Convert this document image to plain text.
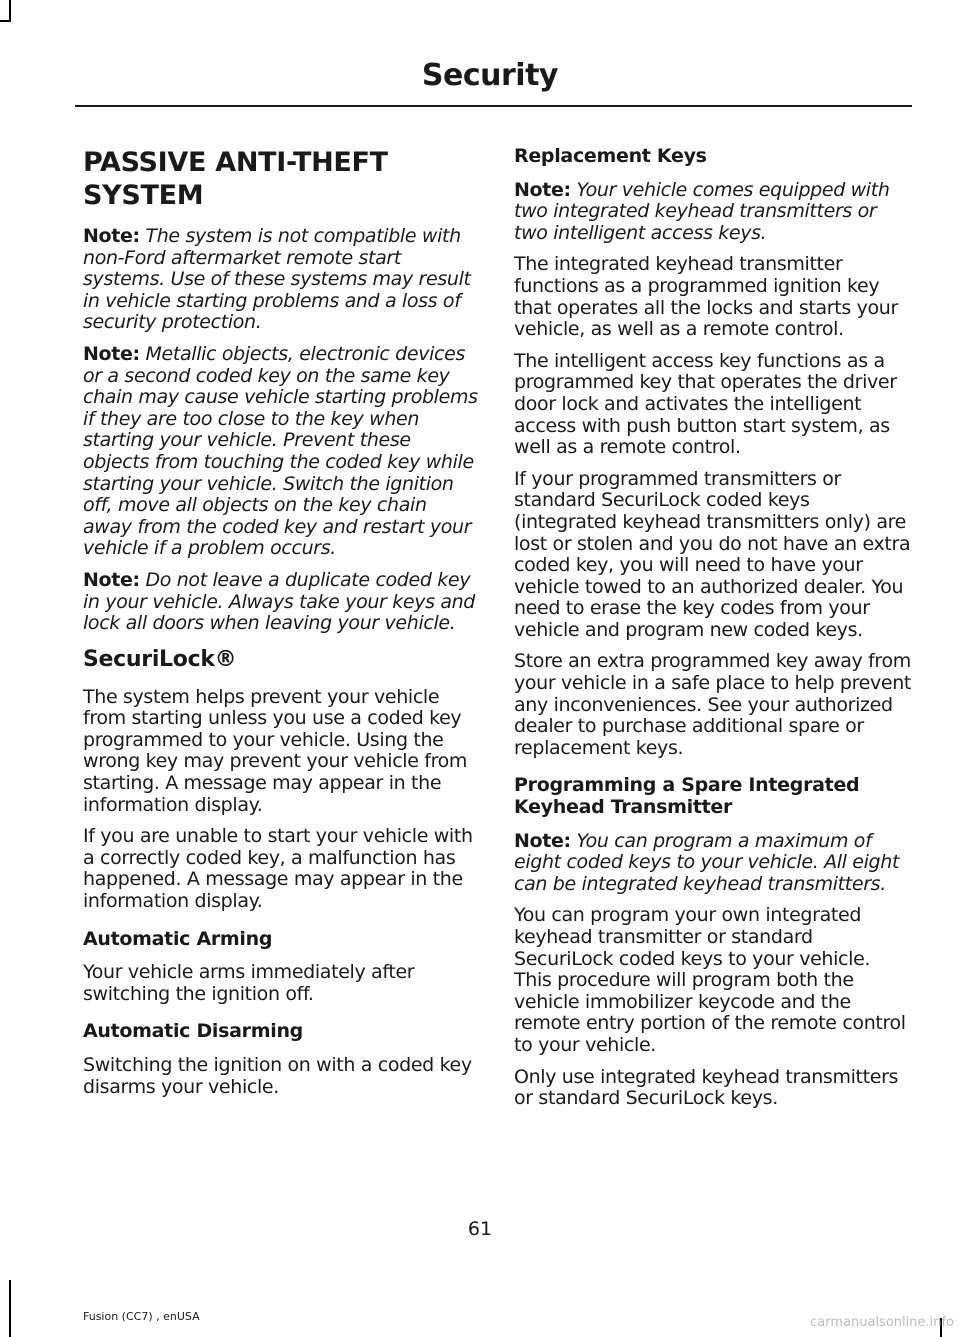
Security
PASSIVE ANTI-THEFT SYSTEM

Note: The system is not compatible with non-Ford aftermarket remote start systems. Use of these systems may result in vehicle starting problems and a loss of security protection.

Note: Metallic objects, electronic devices or a second coded key on the same key chain may cause vehicle starting problems if they are too close to the key when starting your vehicle. Prevent these objects from touching the coded key while starting your vehicle. Switch the ignition off, move all objects on the key chain away from the coded key and restart your vehicle if a problem occurs.

Note: Do not leave a duplicate coded key in your vehicle. Always take your keys and lock all doors when leaving your vehicle.

SecuriLock®

The system helps prevent your vehicle from starting unless you use a coded key programmed to your vehicle. Using the wrong key may prevent your vehicle from starting. A message may appear in the information display.

If you are unable to start your vehicle with a correctly coded key, a malfunction has happened. A message may appear in the information display.

Automatic Arming

Your vehicle arms immediately after switching the ignition off.

Automatic Disarming

Switching the ignition on with a coded key disarms your vehicle.

Replacement Keys

Note: Your vehicle comes equipped with two integrated keyhead transmitters or two intelligent access keys.

The integrated keyhead transmitter functions as a programmed ignition key that operates all the locks and starts your vehicle, as well as a remote control.

The intelligent access key functions as a programmed key that operates the driver door lock and activates the intelligent access with push button start system, as well as a remote control.

If your programmed transmitters or standard SecuriLock coded keys (integrated keyhead transmitters only) are lost or stolen and you do not have an extra coded key, you will need to have your vehicle towed to an authorized dealer. You need to erase the key codes from your vehicle and program new coded keys.

Store an extra programmed key away from your vehicle in a safe place to help prevent any inconveniences. See your authorized dealer to purchase additional spare or replacement keys.

Programming a Spare Integrated Keyhead Transmitter

Note: You can program a maximum of eight coded keys to your vehicle. All eight can be integrated keyhead transmitters.

You can program your own integrated keyhead transmitter or standard SecuriLock coded keys to your vehicle. This procedure will program both the vehicle immobilizer keycode and the remote entry portion of the remote control to your vehicle.

Only use integrated keyhead transmitters or standard SecuriLock keys.

61
Fusion (CC7) , enUSA	carmanualsonline.info
